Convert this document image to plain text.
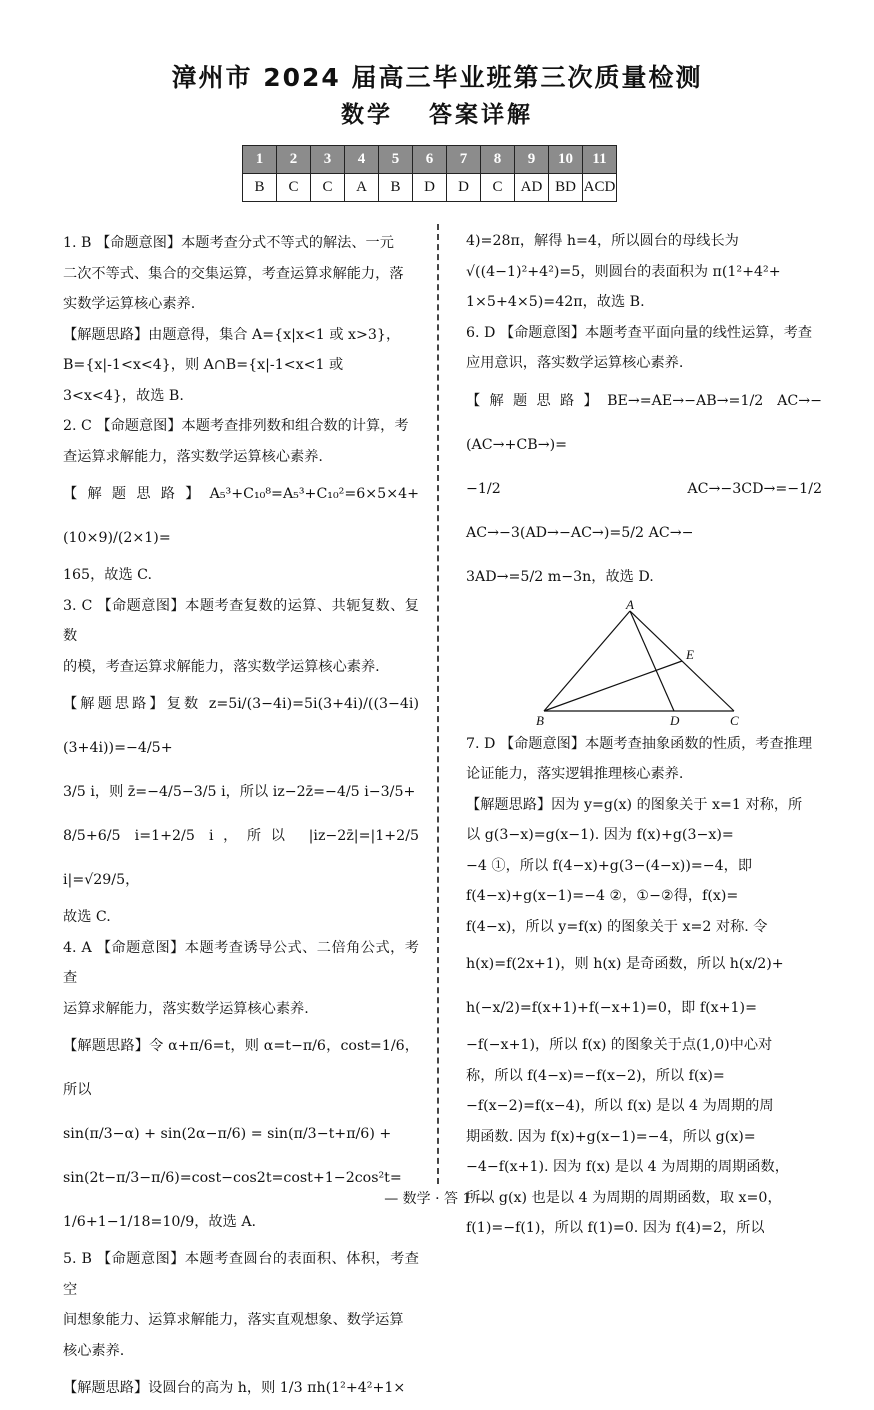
漳州市 2024 届高三毕业班第三次质量检测
数学 答案详解
1	2	3	4	5	6	7	8	9	10	11
B	C	C	A	B	D	D	C	AD	BD	ACD

1. B 【命题意图】本题考查分式不等式的解法、一元

二次不等式、集合的交集运算，考查运算求解能力，落

实数学运算核心素养.

【解题思路】由题意得，集合 A={x|x<1 或 x>3}，

B={x|-1<x<4}，则 A∩B={x|-1<x<1 或

3<x<4}，故选 B.

2. C 【命题意图】本题考查排列数和组合数的计算，考

查运算求解能力，落实数学运算核心素养.

【解题思路】A₅³+C₁₀⁸=A₅³+C₁₀²=6×5×4+(10×9)/(2×1)=

165，故选 C.

3. C 【命题意图】本题考查复数的运算、共轭复数、复数

的模，考查运算求解能力，落实数学运算核心素养.

【解题思路】复数 z=5i/(3−4i)=5i(3+4i)/((3−4i)(3+4i))=−4/5+

3/5 i，则 z̄=−4/5−3/5 i，所以 iz−2z̄=−4/5 i−3/5+

8/5+6/5 i=1+2/5 i，所以 |iz−2z̄|=|1+2/5 i|=√29/5，

故选 C.

4. A 【命题意图】本题考查诱导公式、二倍角公式，考查

运算求解能力，落实数学运算核心素养.

【解题思路】令 α+π/6=t，则 α=t−π/6，cost=1/6，所以

sin(π/3−α) + sin(2α−π/6) = sin(π/3−t+π/6) +

sin(2t−π/3−π/6)=cost−cos2t=cost+1−2cos²t=

1/6+1−1/18=10/9，故选 A.

5. B 【命题意图】本题考查圆台的表面积、体积，考查空

间想象能力、运算求解能力，落实直观想象、数学运算

核心素养.

【解题思路】设圆台的高为 h，则 1/3 πh(1²+4²+1×

4)=28π，解得 h=4，所以圆台的母线长为

√((4−1)²+4²)=5，则圆台的表面积为 π(1²+4²+

1×5+4×5)=42π，故选 B.

6. D 【命题意图】本题考查平面向量的线性运算，考查

应用意识，落实数学运算核心素养.

【解题思路】BE→=AE→−AB→=1/2 AC→−(AC→+CB→)=

−1/2 AC→−3CD→=−1/2 AC→−3(AD→−AC→)=5/2 AC→−

3AD→=5/2 m−3n，故选 D.

A
B	C
D
E

7. D 【命题意图】本题考查抽象函数的性质，考查推理

论证能力，落实逻辑推理核心素养.

【解题思路】因为 y=g(x) 的图象关于 x=1 对称，所

以 g(3−x)=g(x−1). 因为 f(x)+g(3−x)=

−4 ①，所以 f(4−x)+g(3−(4−x))=−4，即

f(4−x)+g(x−1)=−4 ②，①−②得，f(x)=

f(4−x)，所以 y=f(x) 的图象关于 x=2 对称. 令

h(x)=f(2x+1)，则 h(x) 是奇函数，所以 h(x/2)+

h(−x/2)=f(x+1)+f(−x+1)=0，即 f(x+1)=

−f(−x+1)，所以 f(x) 的图象关于点(1,0)中心对

称，所以 f(4−x)=−f(x−2)，所以 f(x)=

−f(x−2)=f(x−4)，所以 f(x) 是以 4 为周期的周

期函数. 因为 f(x)+g(x−1)=−4，所以 g(x)=

−4−f(x+1). 因为 f(x) 是以 4 为周期的周期函数，

所以 g(x) 也是以 4 为周期的周期函数，取 x=0，

f(1)=−f(1)，所以 f(1)=0. 因为 f(4)=2，所以

— 数学 · 答 1 —
